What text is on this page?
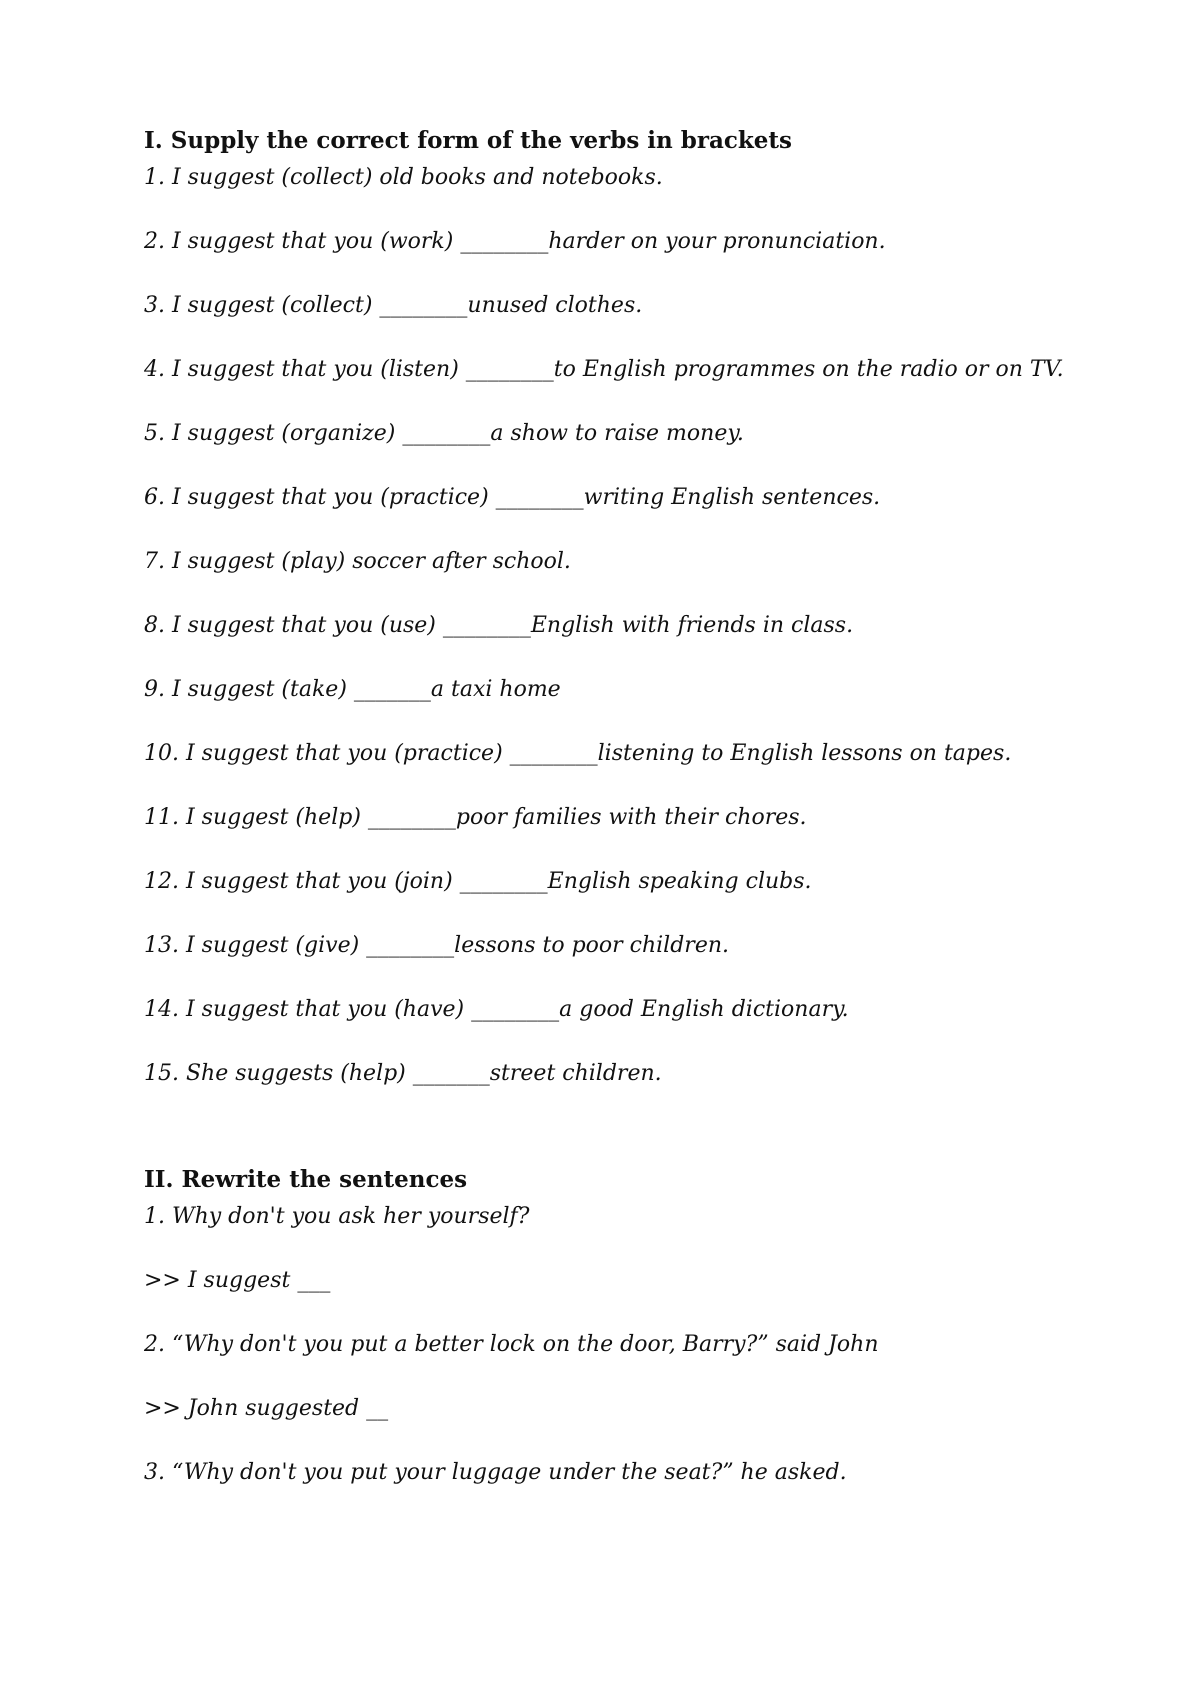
I. Supply the correct form of the verbs in brackets

1. I suggest (collect) old books and notebooks.

2. I suggest that you (work) ________harder on your pronunciation.

3. I suggest (collect) ________unused clothes.

4. I suggest that you (listen) ________to English programmes on the radio or on TV.

5. I suggest (organize) ________a show to raise money.

6. I suggest that you (practice) ________writing English sentences.

7. I suggest (play) soccer after school.

8. I suggest that you (use) ________English with friends in class.

9. I suggest (take) _______a taxi home

10. I suggest that you (practice) ________listening to English lessons on tapes.

11. I suggest (help) ________poor families with their chores.

12. I suggest that you (join) ________English speaking clubs.

13. I suggest (give) ________lessons to poor children.

14. I suggest that you (have) ________a good English dictionary.

15. She suggests (help) _______street children.

II. Rewrite the sentences

1. Why don't you ask her yourself?

>> I suggest ___

2. “Why don't you put a better lock on the door, Barry?” said John

>> John suggested __

3. “Why don't you put your luggage under the seat?” he asked.
